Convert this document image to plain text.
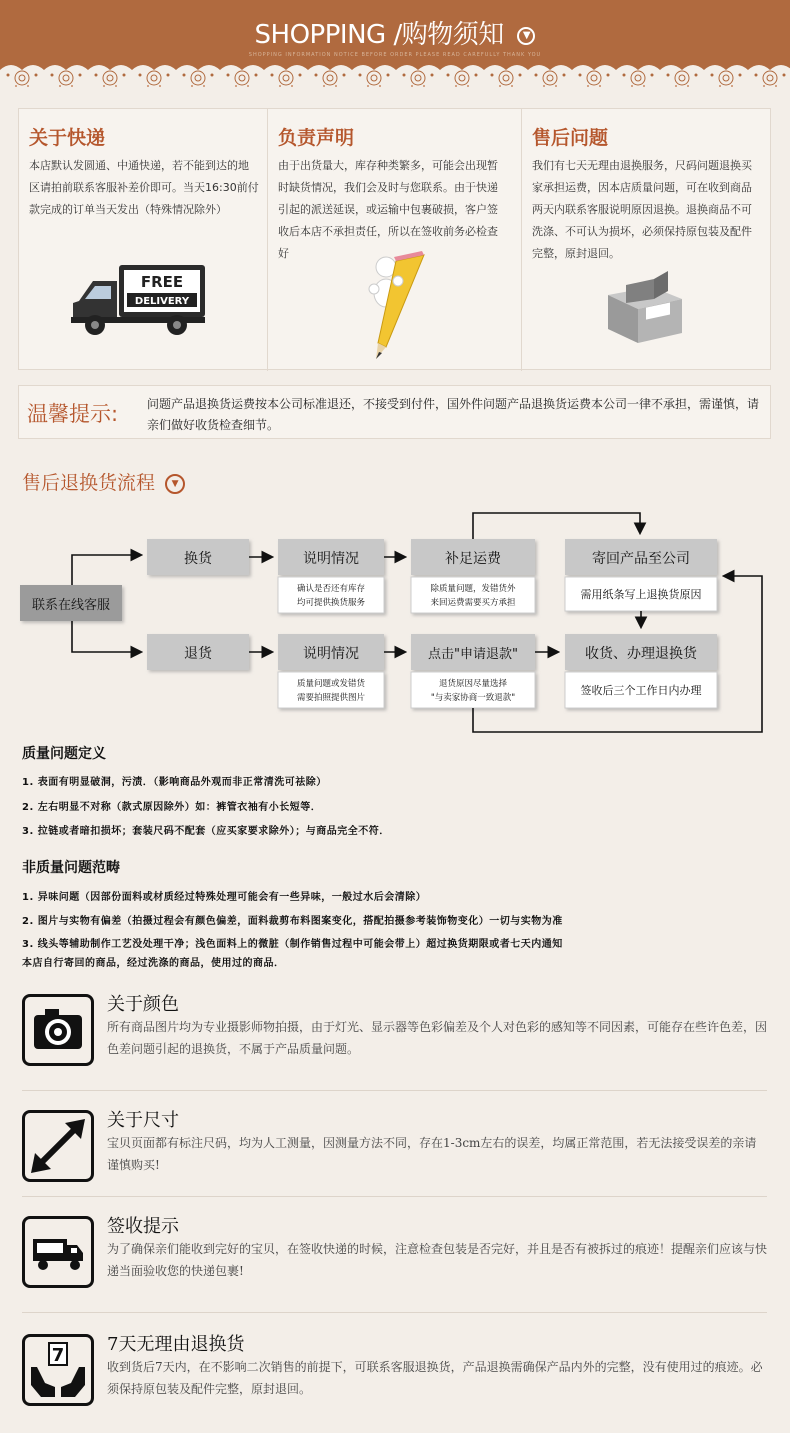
SHOPPING /购物须知 ▼
SHOPPING INFORMATION NOTICE BEFORE ORDER PLEASE READ CAREFULLY THANK YOU
关于快递

本店默认发圆通、中通快递，若不能到达的地区请拍前联系客服补差价即可。当天16:30前付款完成的订单当天发出（特殊情况除外）

FREE
DELIVERY
负责声明

由于出货量大，库存种类繁多，可能会出现暂时缺货情况，我们会及时与您联系。由于快递引起的派送延误，或运输中包裹破损，客户签收后本店不承担责任，所以在签收前务必检查好

售后问题

我们有七天无理由退换服务，尺码问题退换买家承担运费，因本店质量问题，可在收到商品两天内联系客服说明原因退换。退换商品不可洗涤、不可认为损坏，必须保持原包装及配件完整，原封退回。

温馨提示: 问题产品退换货运费按本公司标准退还，不接受到付件，国外件问题产品退换货运费本公司一律不承担，需谨慎，请亲们做好收货检查细节。
售后退换货流程 ▼
联系在线客服
换货
退货
说明情况
确认是否还有库存
均可提供换货服务
说明情况
质量问题或发错货
需要拍照提供图片
补足运费
除质量问题，发错货外
来回运费需要买方承担
点击"申请退款"
退货原因尽量选择
"与卖家协商一致退款"
寄回产品至公司
需用纸条写上退换货原因
收货、办理退换货
签收后三个工作日内办理
质量问题定义
1. 表面有明显破洞，污渍．（影响商品外观而非正常清洗可祛除）
2. 左右明显不对称（款式原因除外）如：裤管衣袖有小长短等．
3. 拉链或者暗扣损坏；套装尺码不配套（应买家要求除外）；与商品完全不符．
非质量问题范畴
1. 异味问题（因部份面料或材质经过特殊处理可能会有一些异味，一般过水后会清除）
2. 图片与实物有偏差（拍摄过程会有颜色偏差，面料裁剪布料图案变化，搭配拍摄参考装饰物变化）一切与实物为准
3. 线头等辅助制作工艺没处理干净；浅色面料上的微脏（制作销售过程中可能会带上）超过换货期限或者七天内通知
本店自行寄回的商品，经过洗涤的商品，使用过的商品．
关于颜色

所有商品图片均为专业摄影师物拍摄，由于灯光、显示器等色彩偏差及个人对色彩的感知等不同因素，可能存在些许色差，因色差问题引起的退换货，不属于产品质量问题。

关于尺寸

宝贝页面都有标注尺码，均为人工测量，因测量方法不同，存在1-3cm左右的误差，均属正常范围，若无法接受误差的亲请谨慎购买!

签收提示

为了确保亲们能收到完好的宝贝，在签收快递的时候，注意检查包装是否完好，并且是否有被拆过的痕迹！提醒亲们应该与快递当面验收您的快递包裹!

7
7天无理由退换货

收到货后7天内，在不影响二次销售的前提下，可联系客服退换货，产品退换需确保产品内外的完整，没有使用过的痕迹。必须保持原包装及配件完整，原封退回。
